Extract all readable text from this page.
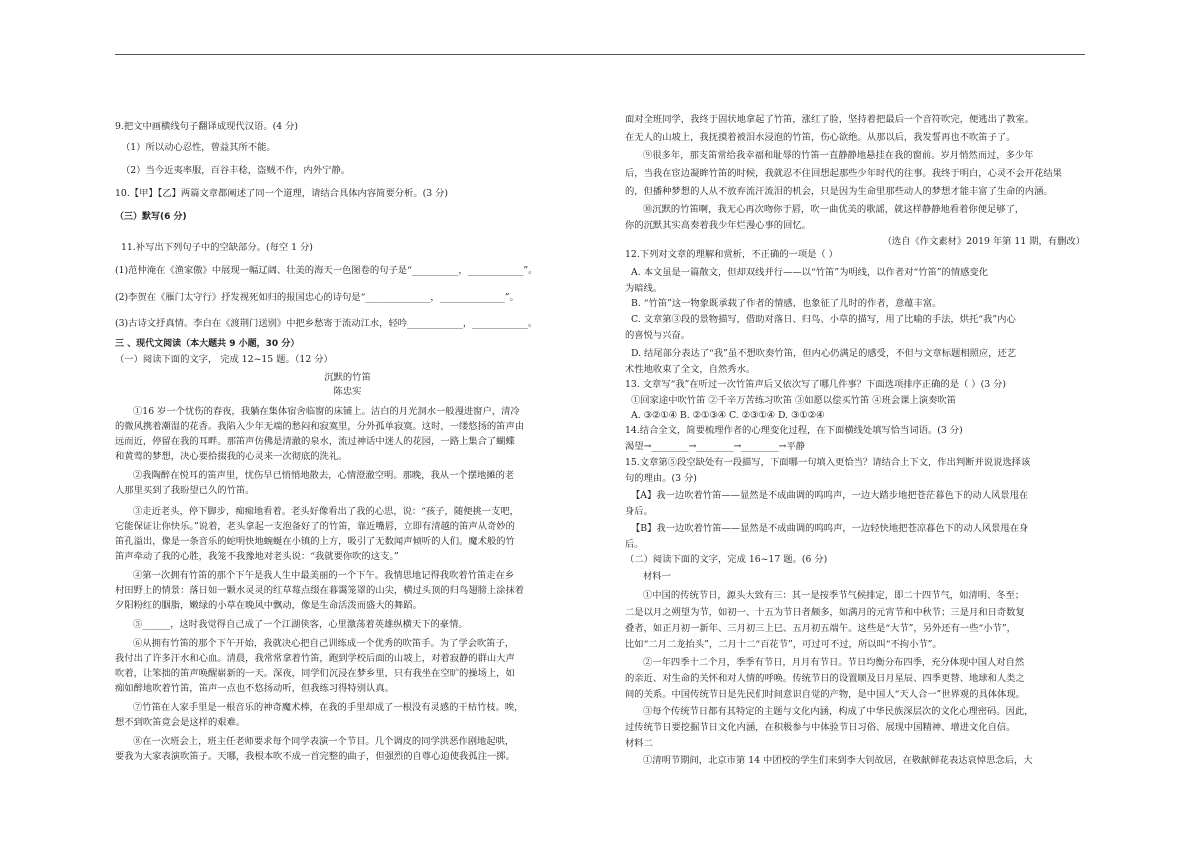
9.把文中画横线句子翻译成现代汉语。(4 分)
（1）所以动心忍性，曾益其所不能。
（2）当今近夷率服，百谷丰稔，盗贼不作，内外宁静。
10.【甲】【乙】两篇文章都阐述了同一个道理，请结合具体内容简要分析。(3 分)
（三）默写(6 分)
11.补写出下列句子中的空缺部分。(每空 1 分)
(1)范仲淹在《渔家傲》中展现一幅辽阔、壮美的海天一色图卷的句子是“__________，____________”。
(2)李贺在《雁门太守行》抒发视死如归的报国忠心的诗句是“______________，______________”。
(3)古诗文抒真情。李白在《渡荆门送别》中把乡愁寄于流动江水，轻吟____________，____________。
三 、现代文阅读（本大题共 9 小题，30 分）
（一）阅读下面的文字， 完成 12~15 题。（12 分）
沉默的竹笛
陈忠实
①16 岁一个忧伤的春夜，我躺在集体宿舍临窗的床铺上。洁白的月光洞水一般漫进窗户，清冷
的微风携着潮湿的花香。我陷入少年无端的愁闷和寂寞里，分外孤单寂寞。这时，一缕悠扬的笛声由
远而近，停留在我的耳畔。那笛声仿佛是清澈的泉水，流过神话中迷人的花园，一路上集合了蝴蝶
和黄莺的梦想，决心要拾掇我的心灵来一次彻底的洗礼。
②我陶醉在悦耳的笛声里，忧伤早已悄悄地散去，心情澄澈空明。那晚，我从一个摆地摊的老
人那里买到了我盼望已久的竹笛。
③走近老头，停下脚步，痴痴地看着。老头好像看出了我的心思，说：“孩子，随便挑一支吧，
它能保证让你快乐。”说着，老头拿起一支泡备好了的竹笛，靠近嘴唇，立即有清越的笛声从奇妙的
笛孔溢出，像是一条音乐的蛇明快地蜿蜒在小镇的上方，吸引了无数闻声倾听的人们。魔术般的竹
笛声牵动了我的心胜，我笼不我豫地对老头说：“我就要你吹的这支。”
④第一次拥有竹笛的那个下午是我人生中最美丽的一个下午。我情思地记得我吹着竹笛走在乡
村田野上的情景：落日如一颗水灵灵的红草莓点缀在暮霭笼罩的山尖，横过头顶的归鸟翅膀上涂抹着
夕阳粉红的胭脂，嫩绿的小草在晚风中飘动，像是生命活泼而盛大的舞蹈。
⑤______，这时我觉得自己成了一个江湖侠客，心里激荡着英雄纵横天下的豪情。
⑥从拥有竹笛的那个下午开始，我就决心把自己训练成一个优秀的吹笛手。为了学会吹笛子，
我付出了许多汗水和心血。清晨，我常常拿着竹笛，跑到学校后面的山坡上，对着寂静的群山大声
吹着，让笨拙的笛声唤醒崭新的一天。深夜，同学们沉浸在梦乡里，只有我坐在空旷的操场上，如
痴如醉地吹着竹笛，笛声一点也不悠扬动听，但我练习得特别认真。
⑦竹笛在人家手里是一根音乐的神奇魔术棒，在我的手里却成了一根没有灵感的干枯竹枝。唉，
想不到吹笛竟会是这样的艰难。
⑧在一次班会上，班主任老师要求每个同学表演一个节目。几个调皮的同学洪恶作剧地起哄，
要我为大家表演吹笛子。天哪，我根本吹不成一首完整的曲子，但强烈的自尊心迫使我孤注一掷。
面对全班同学，我终于固状地拿起了竹笛，涨红了脸，坚持着把最后一个音符吹完，便逃出了教室。
在无人的山坡上，我抚摸着被泪水浸泡的竹笛，伤心欲绝。从那以后，我发誓再也不吹笛子了。
⑨很多年，那支笛常给我幸福和耻辱的竹笛一直静静地悬挂在我的窗前。岁月悄然而过，多少年
后，当我在宦边凝眸竹笛的时候，我就忍不住回想起那些少年时代的往事。我终于明白，心灵不会开花结果
的，但播种梦想的人从不放弃流汗流泪的机会，只是因为生命里那些动人的梦想才能丰富了生命的内涵。
⑩沉默的竹笛啊，我无心再次吻你于唇，吹一曲优美的歌謡，就这样静静地看着你便足够了，
你的沉默其实高奏着我少年烂漫心事的回忆。
（选自《作文素材》2019 年第 11 期，有删改）
12.下列对文章的理解和赏析，不正确的一项是（ ）
A. 本文虽是一篇散文，但却双线并行——以“竹笛”为明线，以作者对“竹笛”的情感变化
为暗线。
B. “竹笛”这一物象既承载了作者的情感，也象征了儿时的作者，意蕴丰富。
C. 文章第③段的景物描写，借助对落日、归鸟、小草的描写，用了比喻的手法，烘托“我”内心
的喜悦与兴奋。
D. 结尾部分表达了“我”虽不想吹奏竹笛，但内心仍满足的感受，不但与文章标题相照应，还艺
术性地收束了全文，自然秀水。
13. 文章写“我”在听过一次竹笛声后又依次写了哪几件事？下面选项排序正确的是（ ）(3 分)
①回家途中吹竹笛 ②千辛万苦练习吹笛 ③如愿以偿买竹笛 ④班会课上演奏吹笛
A. ③②①④ B. ②①③④ C. ②③①④ D. ③①②④
14.结合全文，简要梳理作者的心理变化过程，在下面横线处填写恰当词语。(3 分)
渴望→________→________→________→平静
15.文章第⑤段空缺处有一段描写，下面哪一句填入更恰当？请结合上下文，作出判断并说说选择该
句的理由。(3 分)
【A】我一边吹着竹笛——显然是不成曲调的呜呜声，一边大踏步地把苍茫暮色下的动人风景甩在
身后。
【B】我一边吹着竹笛——显然是不成曲调的呜呜声，一边轻快地把苍凉暮色下的动人风景甩在身
后。
（二）阅读下面的文字，完成 16~17 题。(6 分)
材料一
①中国的传统节日，源头大致有三：其一是按季节气候排定，即二十四节气，如清明、冬至；
二是以月之朔望为节，如初一、十五为节日者颇多，如满月的元宵节和中秋节；三是月和日奇数复
叠者，如正月初一新年、三月初三上巳、五月初五端午。这些是“大节”，另外还有一些“小节”，
比如“二月二龙抬头”，二月十二“百花节”，可过可不过，所以叫“不拘小节”。
②一年四季十二个月，季季有节日，月月有节日。节日均衡分布四季，充分体现中国人对自然
的亲近、对生命的关怀和对人情的呼唤。传统节日的设置顺及日月星辰、四季更替、地球和人类之
间的关系。中国传统节日是先民们时间意识自觉的产物，是中国人“天人合一”世界观的具体体现。
③每个传统节日都有其特定的主题与文化内涵，构成了中华民族深层次的文化心理密码。因此，
过传统节日要挖掘节日文化内涵，在积极参与中体验节日习俗、展现中国精神、增进文化自信。
材料二
①清明节期间，北京市第 14 中团校的学生们来到李大钊故居，在敬献鲜花表达哀悼思念后，大
